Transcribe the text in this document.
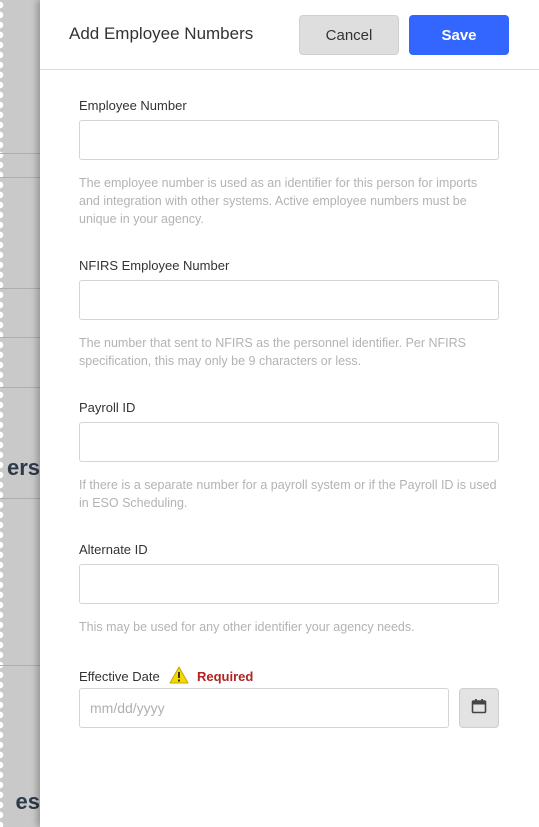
ers
es
Add Employee Numbers	Cancel	Save
Employee Number
The employee number is used as an identifier for this person for imports and integration with other systems. Active employee numbers must be unique in your agency.
NFIRS Employee Number
The number that sent to NFIRS as the personnel identifier. Per NFIRS specification, this may only be 9 characters or less.
Payroll ID
If there is a separate number for a payroll system or if the Payroll ID is used in ESO Scheduling.
Alternate ID
This may be used for any other identifier your agency needs.
Effective Date	Required
mm/dd/yyyy
